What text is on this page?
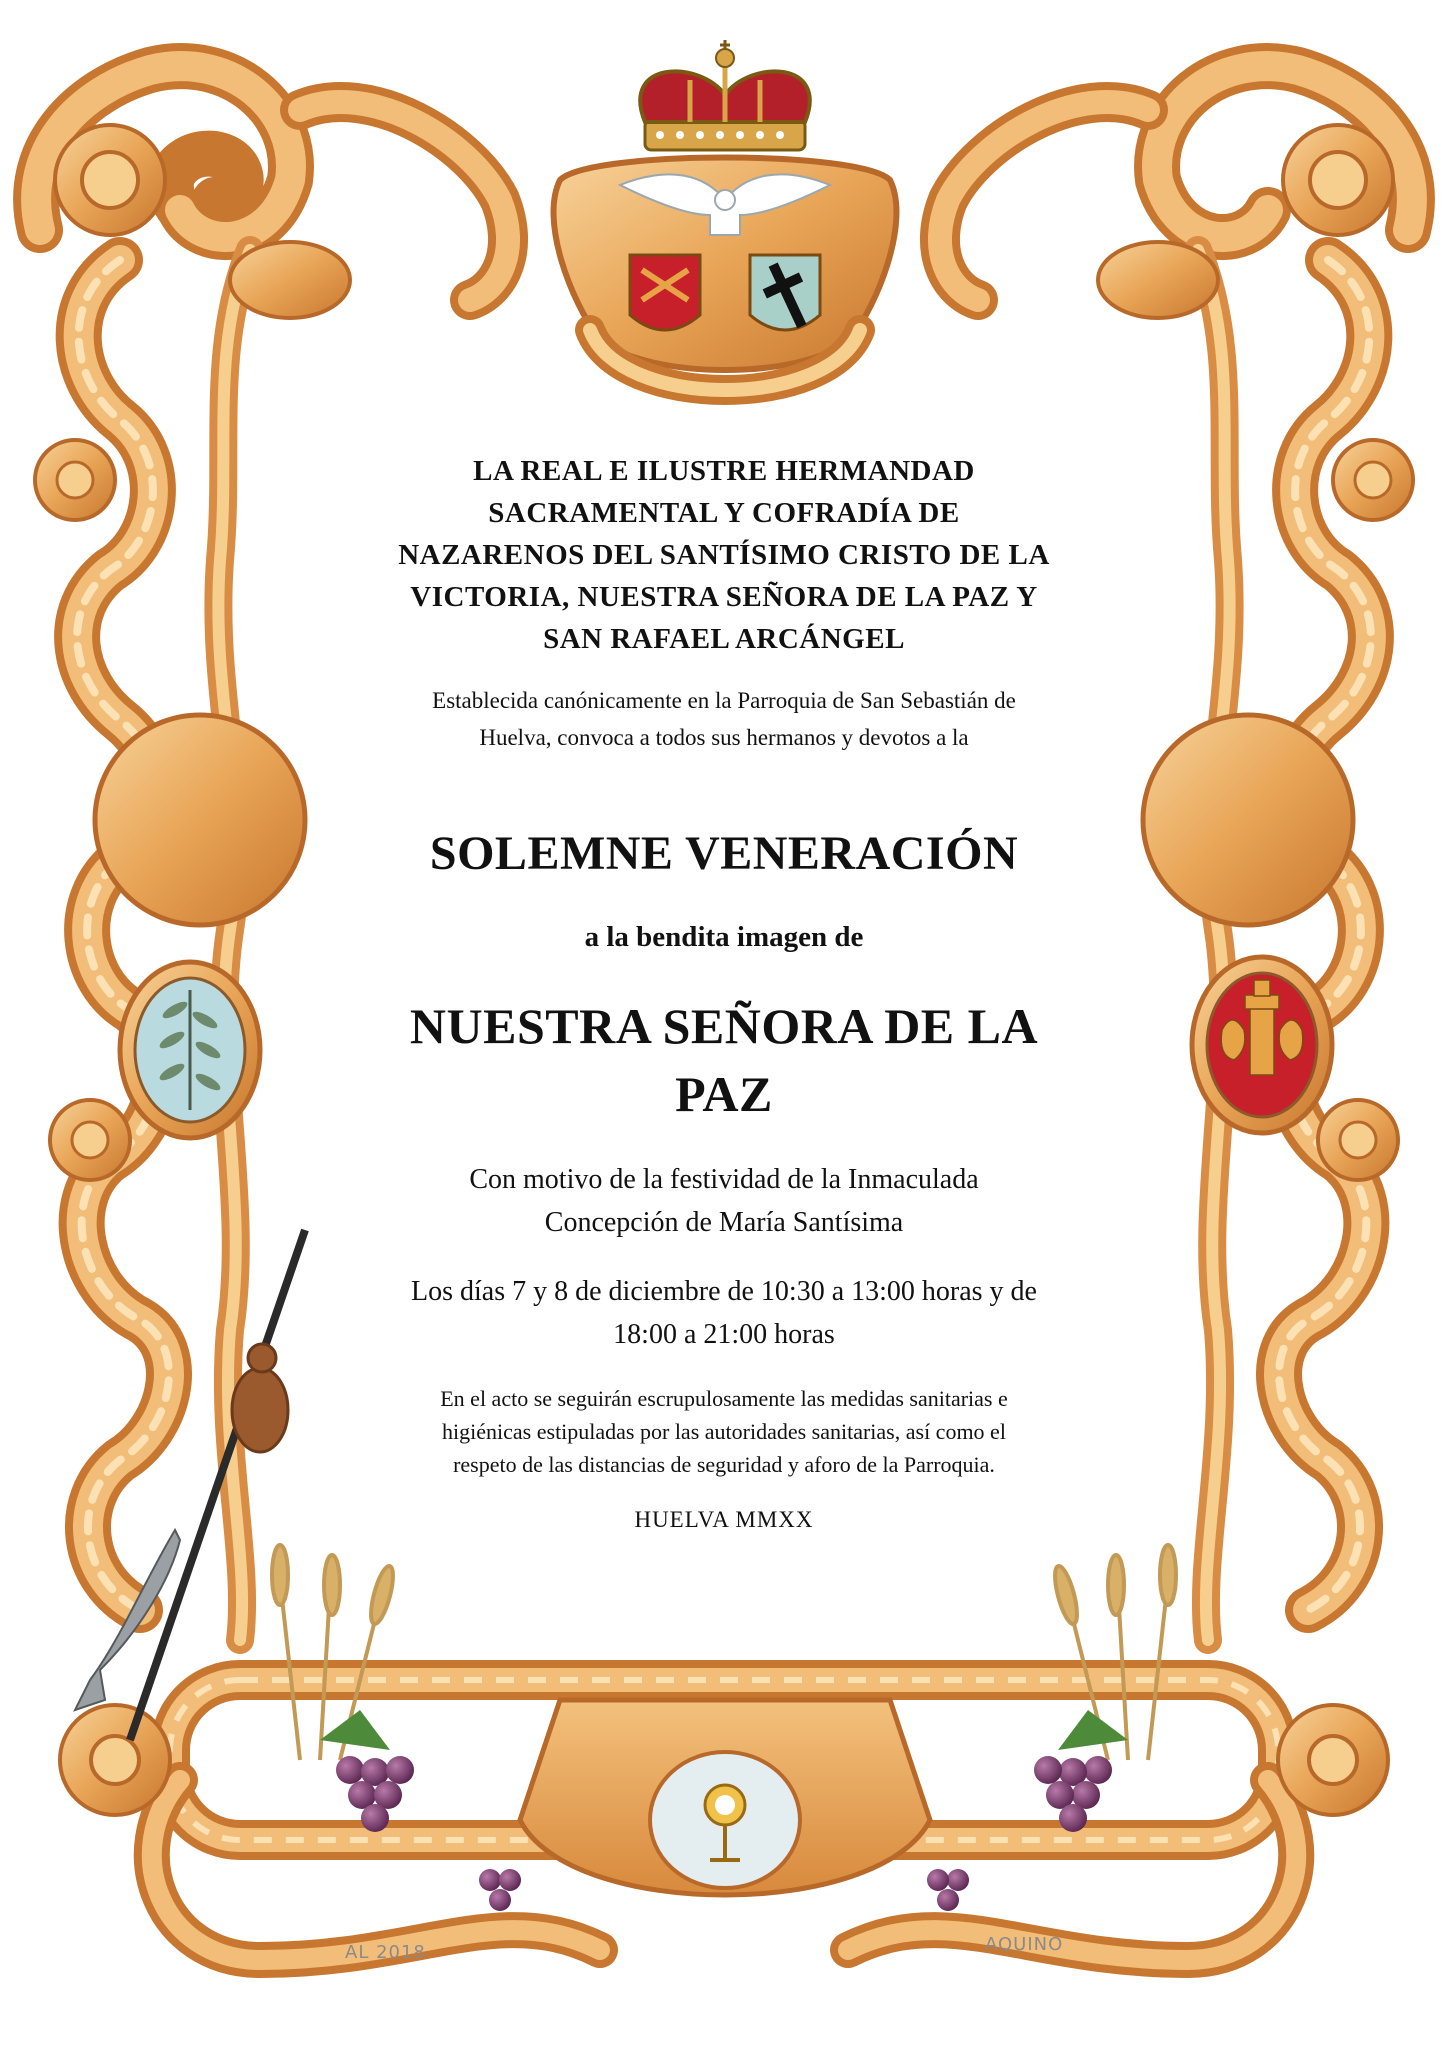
LA REAL E ILUSTRE HERMANDAD
SACRAMENTAL Y COFRADÍA DE
NAZARENOS DEL SANTÍSIMO CRISTO DE LA
VICTORIA, NUESTRA SEÑORA DE LA PAZ Y
SAN RAFAEL ARCÁNGEL
Establecida canónicamente en la Parroquia de San Sebastián de
Huelva, convoca a todos sus hermanos y devotos a la
SOLEMNE VENERACIÓN
a la bendita imagen de
NUESTRA SEÑORA DE LA
PAZ
Con motivo de la festividad de la Inmaculada
Concepción de María Santísima
Los días 7 y 8 de diciembre de 10:30 a 13:00 horas y de
18:00 a 21:00 horas
En el acto se seguirán escrupulosamente las medidas sanitarias e
higiénicas estipuladas por las autoridades sanitarias, así como el
respeto de las distancias de seguridad y aforo de la Parroquia.
HUELVA MMXX
AL 2018	AQUINO
